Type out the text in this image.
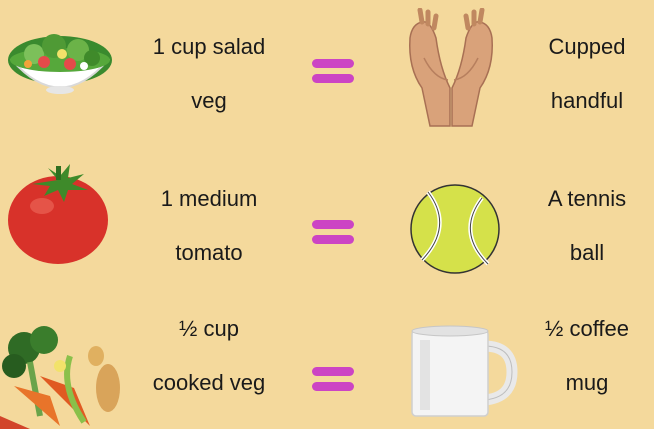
1 cup salad
veg
Cupped
handful
1 medium
tomato
A tennis
ball
½ cup
cooked veg
½ coffee
mug
